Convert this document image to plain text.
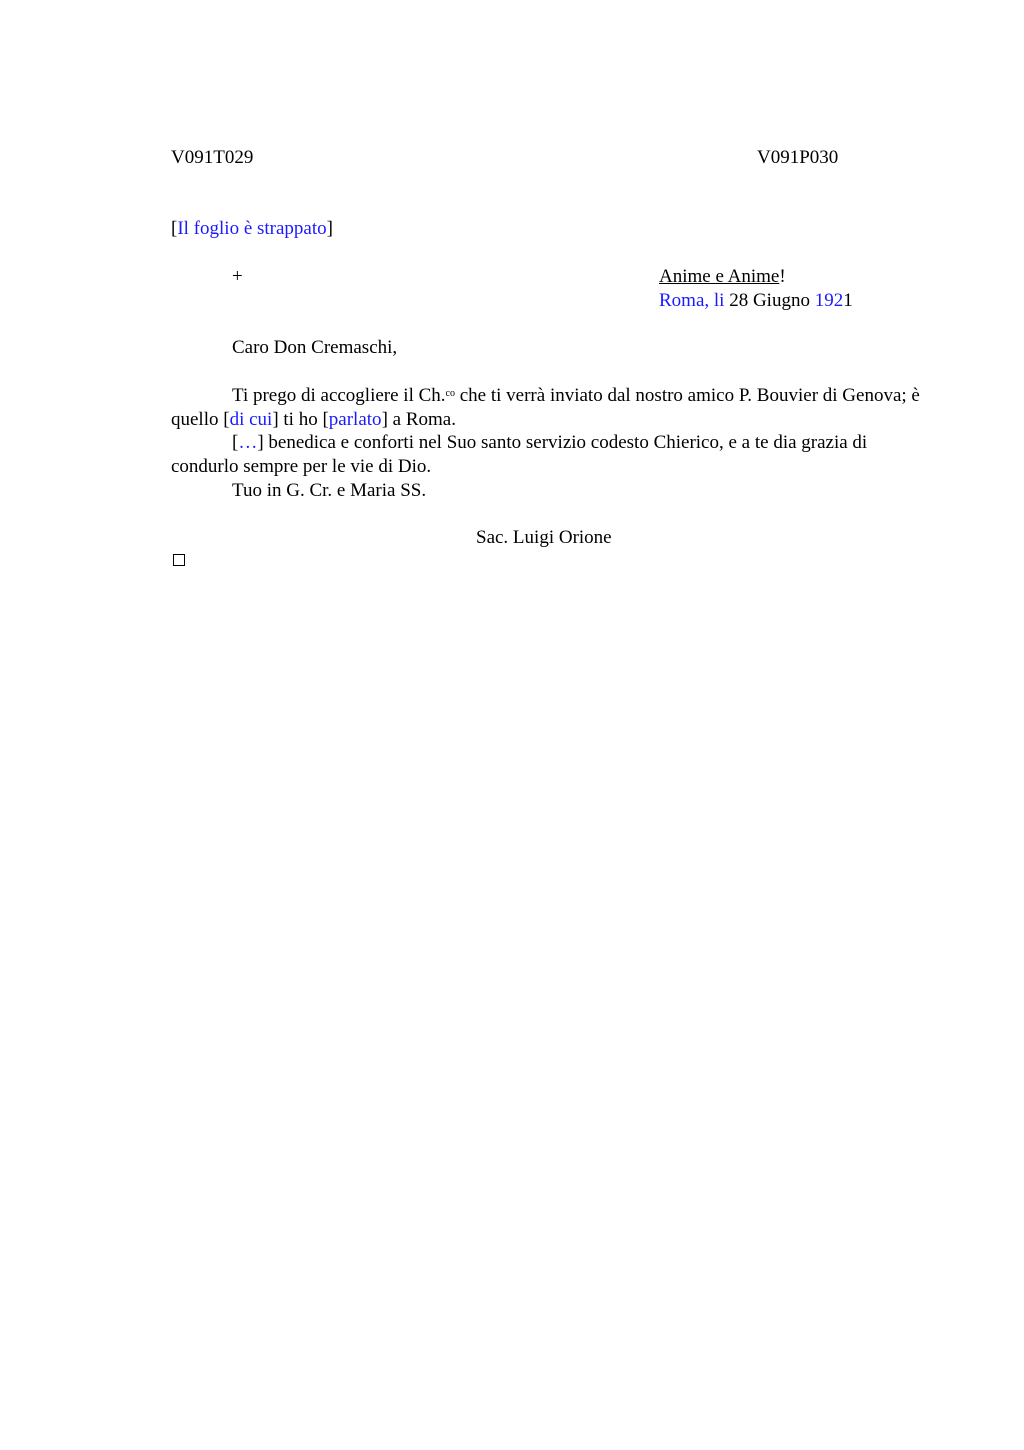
V091T029	V091P030
[Il foglio è strappato]
+	Anime e Anime!
Roma, li 28 Giugno 1921
Caro Don Cremaschi,

Ti prego di accogliere il Ch.$^{co}$ che ti verrà inviato dal nostro amico P. Bouvier di Genova; è quello [di cui] ti ho [parlato] a Roma.

[…] benedica e conforti nel Suo santo servizio codesto Chierico, e a te dia grazia di condurlo sempre per le vie di Dio.

Tuo in G. Cr. e Maria SS.
Sac. Luigi Orione
